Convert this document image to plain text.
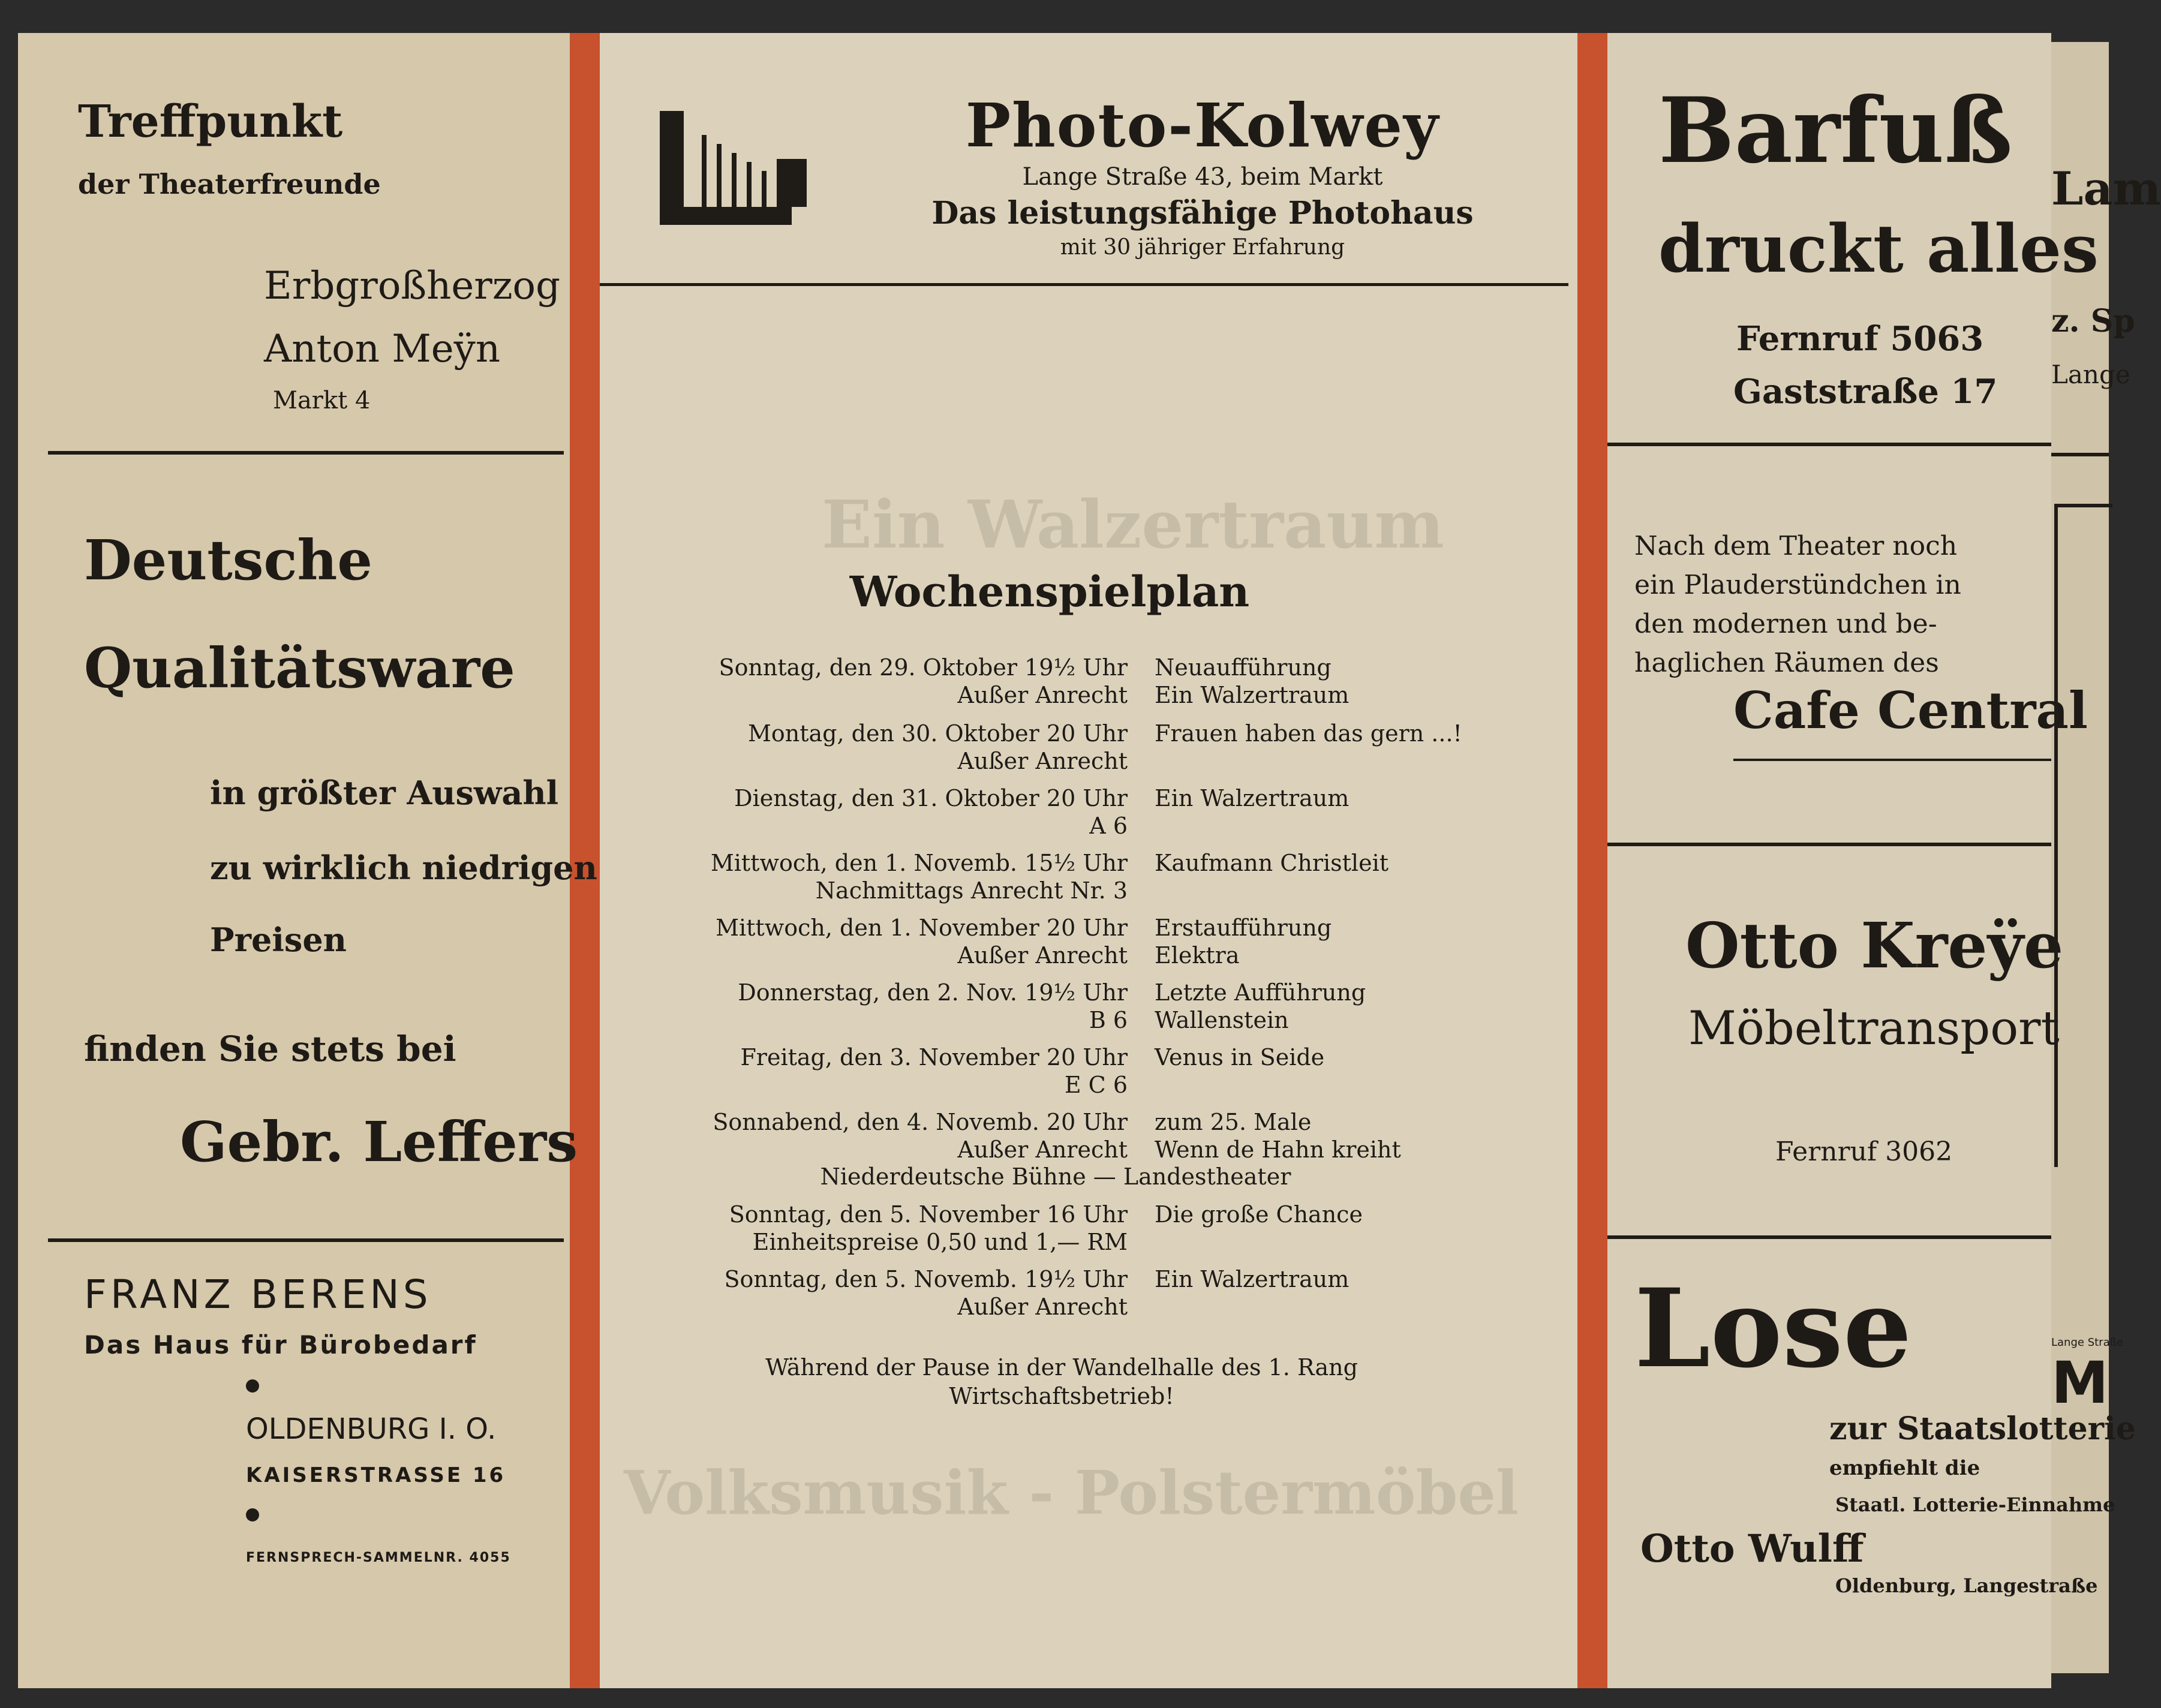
Treffpunkt
der Theaterfreunde
Erbgroßherzog
Anton Meÿn
Markt 4
Deutsche
Qualitätsware
in größter Auswahl
zu wirklich niedrigen
Preisen
finden Sie stets bei
Gebr. Leffers
FRANZ BERENS
Das Haus für Bürobedarf
OLDENBURG I. O.
KAISERSTRASSE 16
FERNSPRECH-SAMMELNR. 4055
Photo-Kolwey
Lange Straße 43, beim Markt
Das leistungsfähige Photohaus
mit 30 jähriger Erfahrung
Ein Walzertraum
Wochenspielplan
Sonntag, den 29. Oktober 19½ Uhr
Außer Anrecht
Neuaufführung
Ein Walzertraum
Montag, den 30. Oktober 20 Uhr
Außer Anrecht
Frauen haben das gern ...!
Dienstag, den 31. Oktober 20 Uhr
A 6
Ein Walzertraum
Mittwoch, den 1. Novemb. 15½ Uhr
Nachmittags Anrecht Nr. 3
Kaufmann Christleit
Mittwoch, den 1. November 20 Uhr
Außer Anrecht
Erstaufführung
Elektra
Donnerstag, den 2. Nov. 19½ Uhr
B 6
Letzte Aufführung
Wallenstein
Freitag, den 3. November 20 Uhr
E C 6
Venus in Seide
Sonnabend, den 4. Novemb. 20 Uhr
Außer Anrecht
zum 25. Male
Wenn de Hahn kreiht
Niederdeutsche Bühne — Landestheater
Sonntag, den 5. November 16 Uhr
Einheitspreise 0,50 und 1,— RM
Die große Chance
Sonntag, den 5. Novemb. 19½ Uhr
Außer Anrecht
Ein Walzertraum
Während der Pause in der Wandelhalle des 1. Rang
Wirtschaftsbetrieb!
Volksmusik - Polstermöbel
Barfuß
druckt alles
Fernruf 5063
Gaststraße 17
Nach dem Theater noch
ein Plauderstündchen in
den modernen und be-
haglichen Räumen des
Cafe Central
Otto Kreÿe
Möbeltransport
Fernruf 3062
Lose
zur Staatslotterie
empfiehlt die
Staatl. Lotterie-Einnahme
Otto Wulff
Oldenburg, Langestraße
Lam
z. Sp
Lange
Lange Straße
M
